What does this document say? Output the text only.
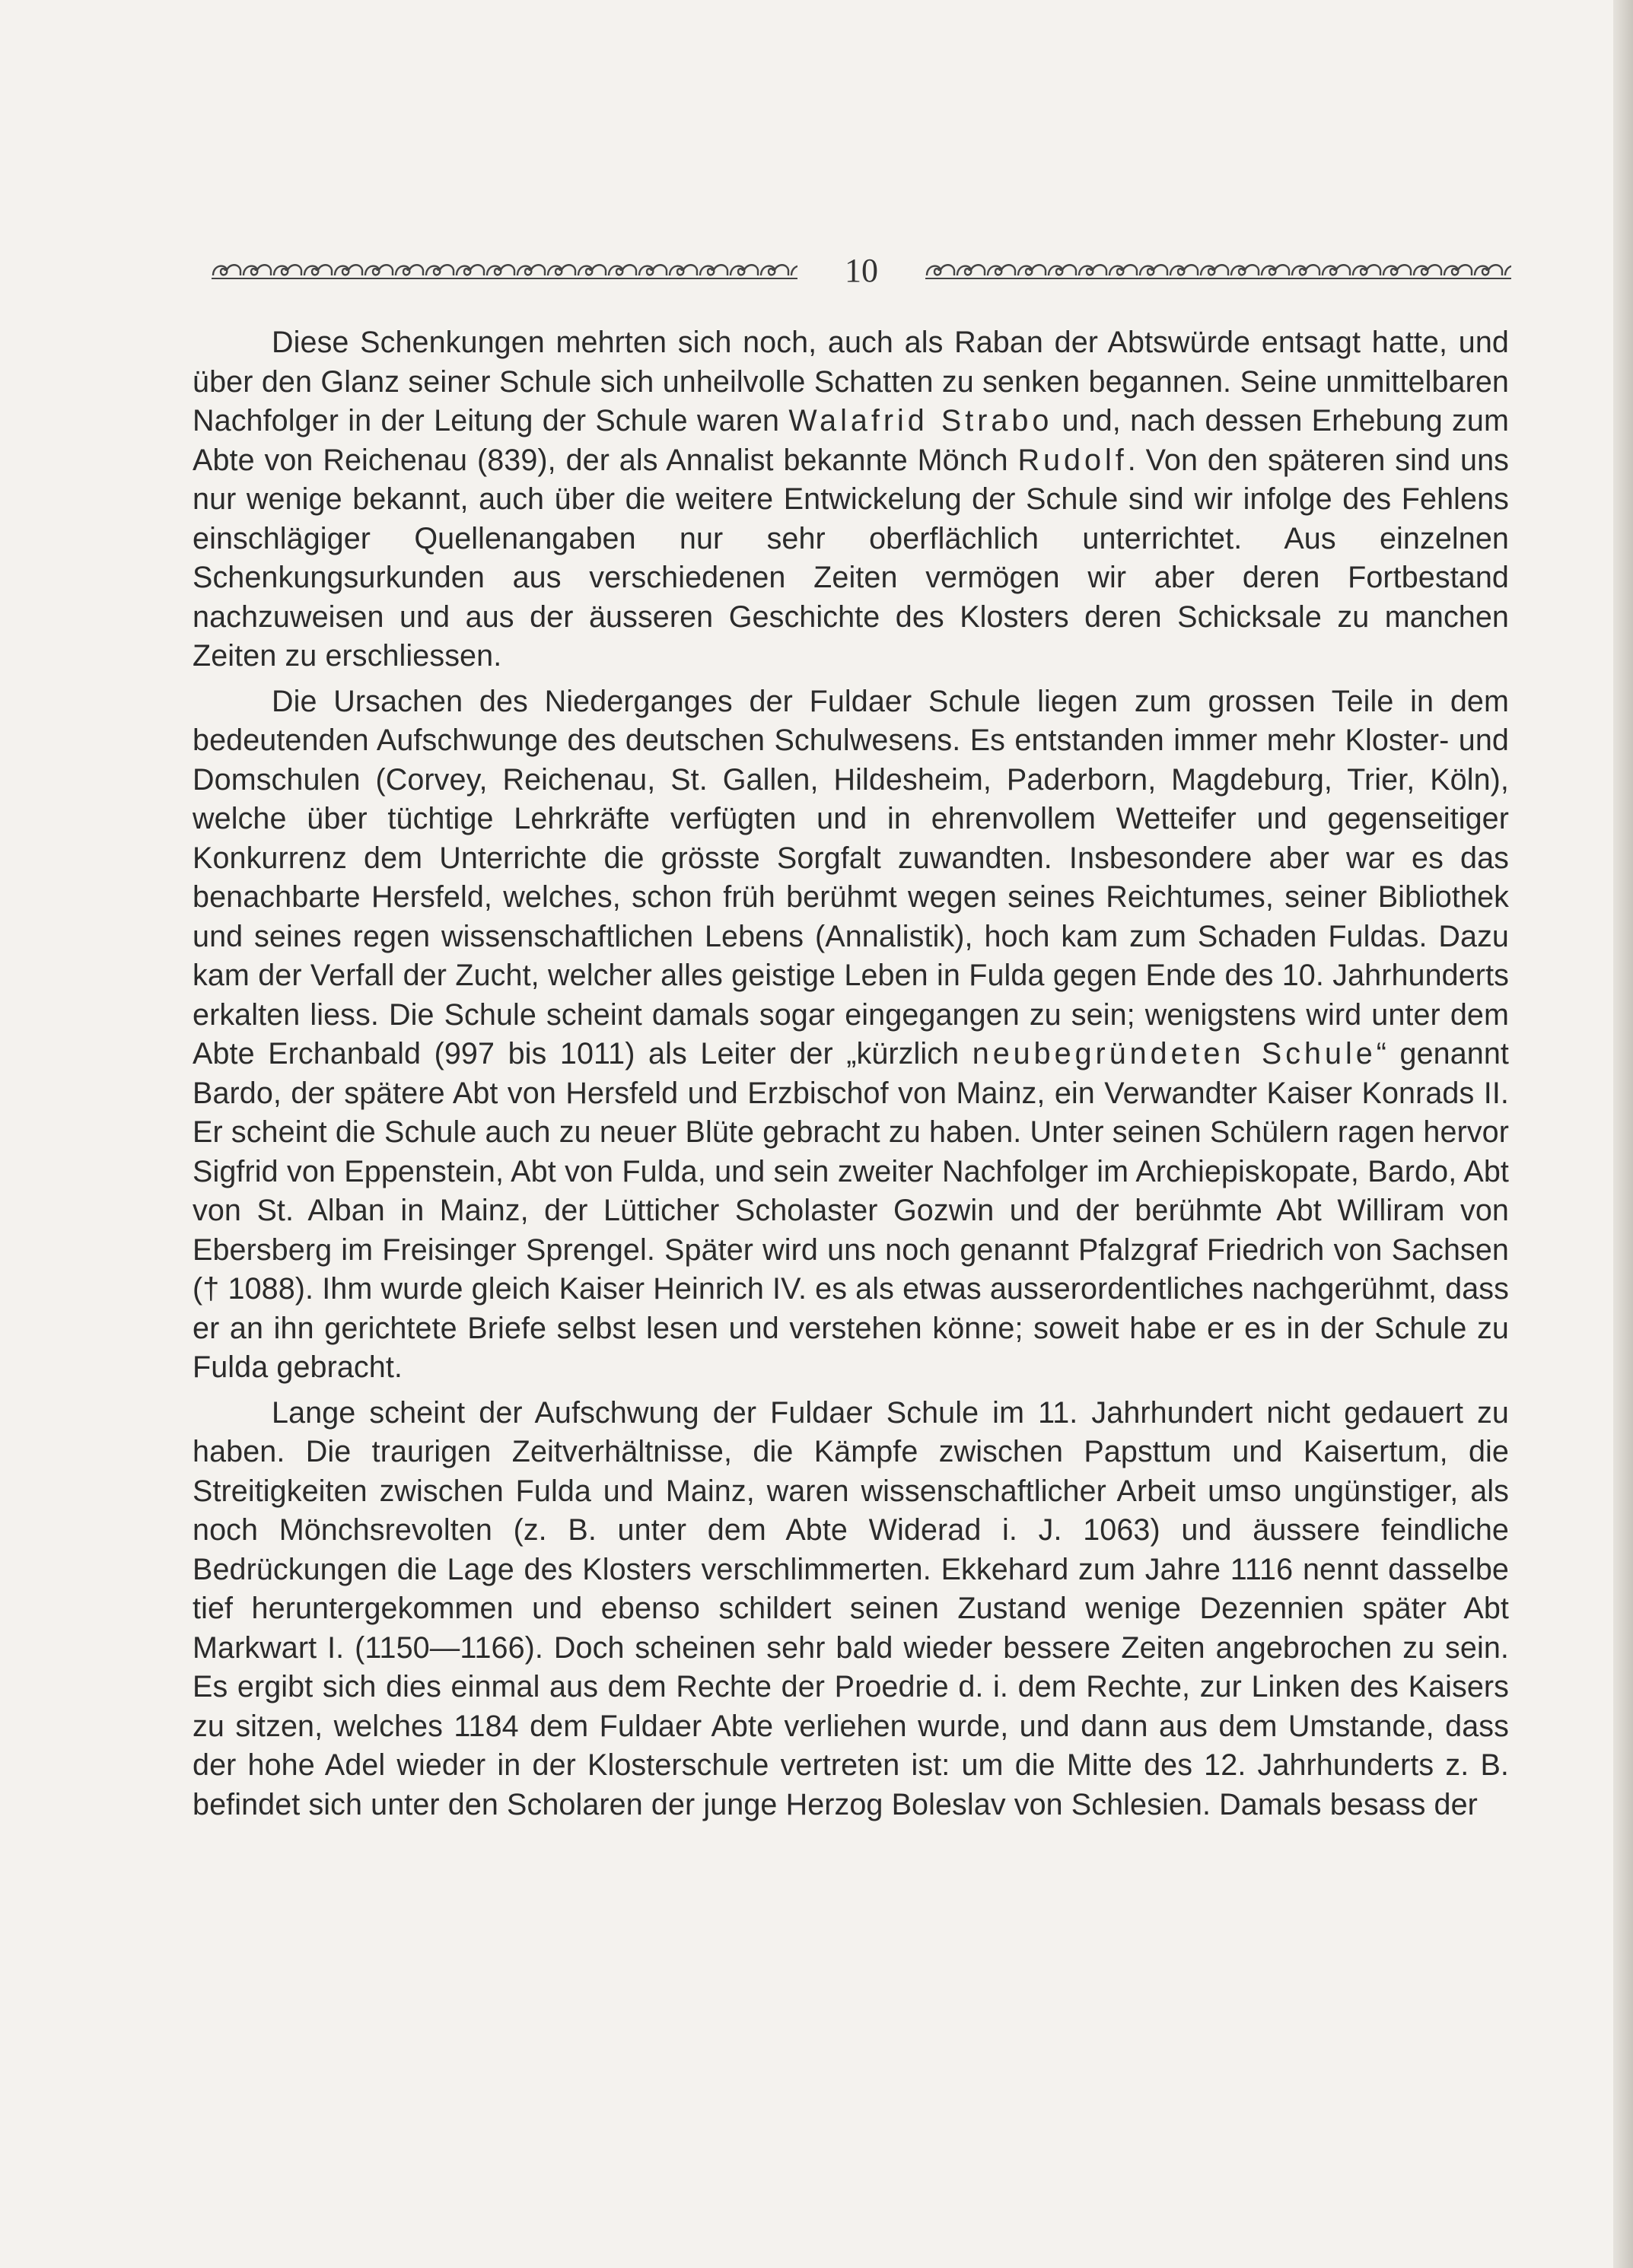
10

Diese Schenkungen mehrten sich noch, auch als Raban der Abtswürde entsagt hatte, und über den Glanz seiner Schule sich unheilvolle Schatten zu senken begannen. Seine unmittelbaren Nachfolger in der Leitung der Schule waren Walafrid Strabo und, nach dessen Erhebung zum Abte von Reichenau (839), der als Annalist bekannte Mönch Rudolf. Von den späteren sind uns nur wenige bekannt, auch über die weitere Entwickelung der Schule sind wir infolge des Fehlens einschlägiger Quellenangaben nur sehr oberflächlich unterrichtet. Aus einzelnen Schenkungsurkunden aus verschiedenen Zeiten vermögen wir aber deren Fortbestand nachzuweisen und aus der äusseren Geschichte des Klosters deren Schicksale zu manchen Zeiten zu erschliessen.

Die Ursachen des Niederganges der Fuldaer Schule liegen zum grossen Teile in dem bedeutenden Aufschwunge des deutschen Schulwesens. Es entstanden immer mehr Kloster- und Domschulen (Corvey, Reichenau, St. Gallen, Hildesheim, Paderborn, Magdeburg, Trier, Köln), welche über tüchtige Lehrkräfte verfügten und in ehrenvollem Wetteifer und gegenseitiger Konkurrenz dem Unterrichte die grösste Sorgfalt zuwandten. Insbesondere aber war es das benachbarte Hersfeld, welches, schon früh berühmt wegen seines Reichtumes, seiner Bibliothek und seines regen wissenschaftlichen Lebens (Annalistik), hoch kam zum Schaden Fuldas. Dazu kam der Verfall der Zucht, welcher alles geistige Leben in Fulda gegen Ende des 10. Jahrhunderts erkalten liess. Die Schule scheint damals sogar eingegangen zu sein; wenigstens wird unter dem Abte Erchanbald (997 bis 1011) als Leiter der „kürzlich neubegründeten Schule“ genannt Bardo, der spätere Abt von Hersfeld und Erzbischof von Mainz, ein Verwandter Kaiser Konrads II. Er scheint die Schule auch zu neuer Blüte gebracht zu haben. Unter seinen Schülern ragen hervor Sigfrid von Eppenstein, Abt von Fulda, und sein zweiter Nachfolger im Archiepiskopate, Bardo, Abt von St. Alban in Mainz, der Lütticher Scholaster Gozwin und der berühmte Abt Williram von Ebersberg im Freisinger Sprengel. Später wird uns noch genannt Pfalzgraf Friedrich von Sachsen († 1088). Ihm wurde gleich Kaiser Heinrich IV. es als etwas ausserordentliches nachgerühmt, dass er an ihn gerichtete Briefe selbst lesen und verstehen könne; soweit habe er es in der Schule zu Fulda gebracht.

Lange scheint der Aufschwung der Fuldaer Schule im 11. Jahrhundert nicht gedauert zu haben. Die traurigen Zeitverhältnisse, die Kämpfe zwischen Papsttum und Kaisertum, die Streitigkeiten zwischen Fulda und Mainz, waren wissenschaftlicher Arbeit umso ungünstiger, als noch Mönchsrevolten (z. B. unter dem Abte Widerad i. J. 1063) und äussere feindliche Bedrückungen die Lage des Klosters verschlimmerten. Ekkehard zum Jahre 1116 nennt dasselbe tief heruntergekommen und ebenso schildert seinen Zustand wenige Dezennien später Abt Markwart I. (1150—1166). Doch scheinen sehr bald wieder bessere Zeiten angebrochen zu sein. Es ergibt sich dies einmal aus dem Rechte der Proedrie d. i. dem Rechte, zur Linken des Kaisers zu sitzen, welches 1184 dem Fuldaer Abte verliehen wurde, und dann aus dem Umstande, dass der hohe Adel wieder in der Klosterschule vertreten ist: um die Mitte des 12. Jahrhunderts z. B. befindet sich unter den Scholaren der junge Herzog Boleslav von Schlesien. Damals besass der
